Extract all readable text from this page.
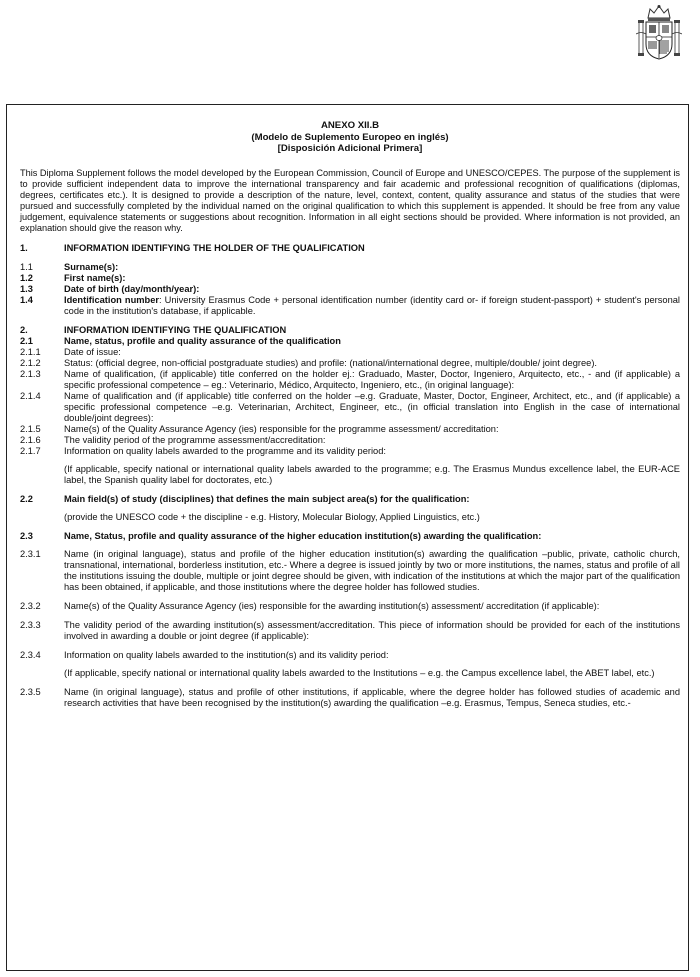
ANEXO XII.B
(Modelo de Suplemento Europeo en inglés)
[Disposición Adicional Primera]
This Diploma Supplement follows the model developed by the European Commission, Council of Europe and UNESCO/CEPES. The purpose of the supplement is to provide sufficient independent data to improve the international transparency and fair academic and professional recognition of qualifications (diplomas, degrees, certificates etc.). It is designed to provide a description of the nature, level, context, content, quality assurance and status of the studies that were pursued and successfully completed by the individual named on the original qualification to which this supplement is appended. It should be free from any value judgement, equivalence statements or suggestions about recognition. Information in all eight sections should be provided. Where information is not provided, an explanation should give the reason why.
1.	INFORMATION IDENTIFYING THE HOLDER OF THE QUALIFICATION
1.1	Surname(s):
1.2	First name(s):
1.3	Date of birth (day/month/year):
1.4	Identification number: University Erasmus Code + personal identification number (identity card or- if foreign student-passport) + student's personal code in the institution's database, if applicable.
2.	INFORMATION IDENTIFYING THE QUALIFICATION
2.1	Name, status, profile and quality assurance of the qualification
2.1.1	Date of issue:
2.1.2	Status: (official degree, non-official postgraduate studies) and profile: (national/international degree, multiple/double/ joint degree).
2.1.3	Name of qualification, (if applicable) title conferred on the holder ej.: Graduado, Master, Doctor, Ingeniero, Arquitecto, etc., - and (if applicable) a specific professional competence – eg.: Veterinario, Médico, Arquitecto, Ingeniero, etc., (in original language):
2.1.4	Name of qualification and (if applicable) title conferred on the holder –e.g. Graduate, Master, Doctor, Engineer, Architect, etc., and (if applicable) a specific professional competence –e.g. Veterinarian, Architect, Engineer, etc., (in official translation into English in the case of international double/joint degrees):
2.1.5	Name(s) of the Quality Assurance Agency (ies) responsible for the programme assessment/ accreditation:
2.1.6	The validity period of the programme assessment/accreditation:
2.1.7	Information on quality labels awarded to the programme and its validity period:
(If applicable, specify national or international quality labels awarded to the programme; e.g. The Erasmus Mundus excellence label, the EUR-ACE label, the Spanish quality label for doctorates, etc.)
2.2	Main field(s) of study (disciplines) that defines the main subject area(s) for the qualification:
(provide the UNESCO code + the discipline - e.g. History, Molecular Biology, Applied Linguistics, etc.)
2.3	Name, Status, profile and quality assurance of the higher education institution(s) awarding the qualification:
2.3.1	Name (in original language), status and profile of the higher education institution(s) awarding the qualification –public, private, catholic church, transnational, international, borderless institution, etc.- Where a degree is issued jointly by two or more institutions, the names, status and profile of all the institutions issuing the double, multiple or joint degree should be given, with indication of the institutions at which the major part of the qualification has been obtained, if applicable, and those institutions where the degree holder has followed studies.
2.3.2	Name(s) of the Quality Assurance Agency (ies) responsible for the awarding institution(s) assessment/ accreditation (if applicable):
2.3.3	The validity period of the awarding institution(s) assessment/accreditation. This piece of information should be provided for each of the institutions involved in awarding a double or joint degree (if applicable):
2.3.4	Information on quality labels awarded to the institution(s) and its validity period:
(If applicable, specify national or international quality labels awarded to the Institutions – e.g. the Campus excellence label, the ABET label, etc.)
2.3.5	Name (in original language), status and profile of other institutions, if applicable, where the degree holder has followed studies of academic and research activities that have been recognised by the institution(s) awarding the qualification –e.g. Erasmus, Tempus, Seneca studies, etc.-
